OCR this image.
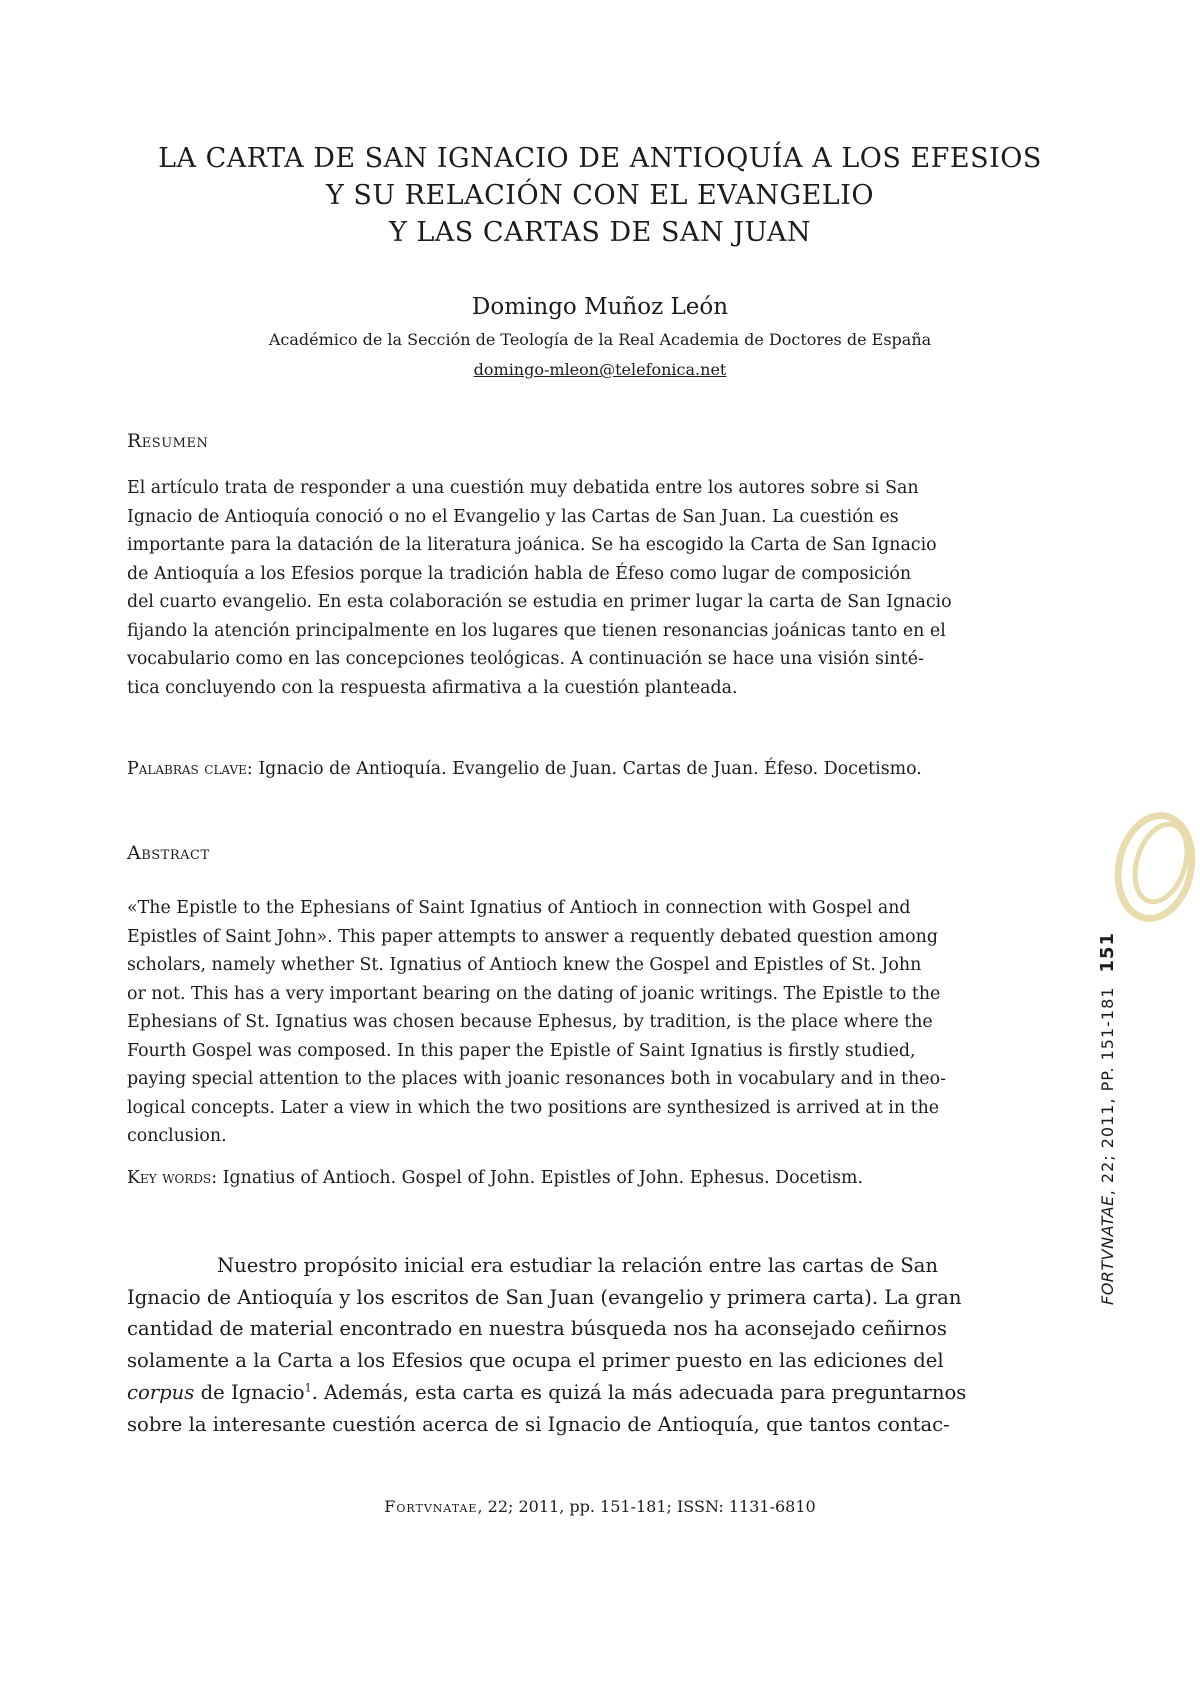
LA CARTA DE SAN IGNACIO DE ANTIOQUÍA A LOS EFESIOS
Y SU RELACIÓN CON EL EVANGELIO
Y LAS CARTAS DE SAN JUAN
Domingo Muñoz León
Académico de la Sección de Teología de la Real Academia de Doctores de España
domingo-mleon@telefonica.net
Resumen
El artículo trata de responder a una cuestión muy debatida entre los autores sobre si San
Ignacio de Antioquía conoció o no el Evangelio y las Cartas de San Juan. La cuestión es
importante para la datación de la literatura joánica. Se ha escogido la Carta de San Ignacio
de Antioquía a los Efesios porque la tradición habla de Éfeso como lugar de composición
del cuarto evangelio. En esta colaboración se estudia en primer lugar la carta de San Ignacio
fijando la atención principalmente en los lugares que tienen resonancias joánicas tanto en el
vocabulario como en las concepciones teológicas. A continuación se hace una visión sinté-
tica concluyendo con la respuesta afirmativa a la cuestión planteada.
Palabras clave: Ignacio de Antioquía. Evangelio de Juan. Cartas de Juan. Éfeso. Docetismo.
Abstract
«The Epistle to the Ephesians of Saint Ignatius of Antioch in connection with Gospel and
Epistles of Saint John». This paper attempts to answer a requently debated question among
scholars, namely whether St. Ignatius of Antioch knew the Gospel and Epistles of St. John
or not. This has a very important bearing on the dating of joanic writings. The Epistle to the
Ephesians of St. Ignatius was chosen because Ephesus, by tradition, is the place where the
Fourth Gospel was composed. In this paper the Epistle of Saint Ignatius is firstly studied,
paying special attention to the places with joanic resonances both in vocabulary and in theo-
logical concepts. Later a view in which the two positions are synthesized is arrived at in the
conclusion.
Key words: Ignatius of Antioch. Gospel of John. Epistles of John. Ephesus. Docetism.
Nuestro propósito inicial era estudiar la relación entre las cartas de San
Ignacio de Antioquía y los escritos de San Juan (evangelio y primera carta). La gran
cantidad de material encontrado en nuestra búsqueda nos ha aconsejado ceñirnos
solamente a la Carta a los Efesios que ocupa el primer puesto en las ediciones del
corpus de Ignacio$^1$. Además, esta carta es quizá la más adecuada para preguntarnos
sobre la interesante cuestión acerca de si Ignacio de Antioquía, que tantos contac-
Fortvnatae, 22; 2011, pp. 151-181; ISSN: 1131-6810
FORTVNATAE, 22; 2011, PP. 151-181151
